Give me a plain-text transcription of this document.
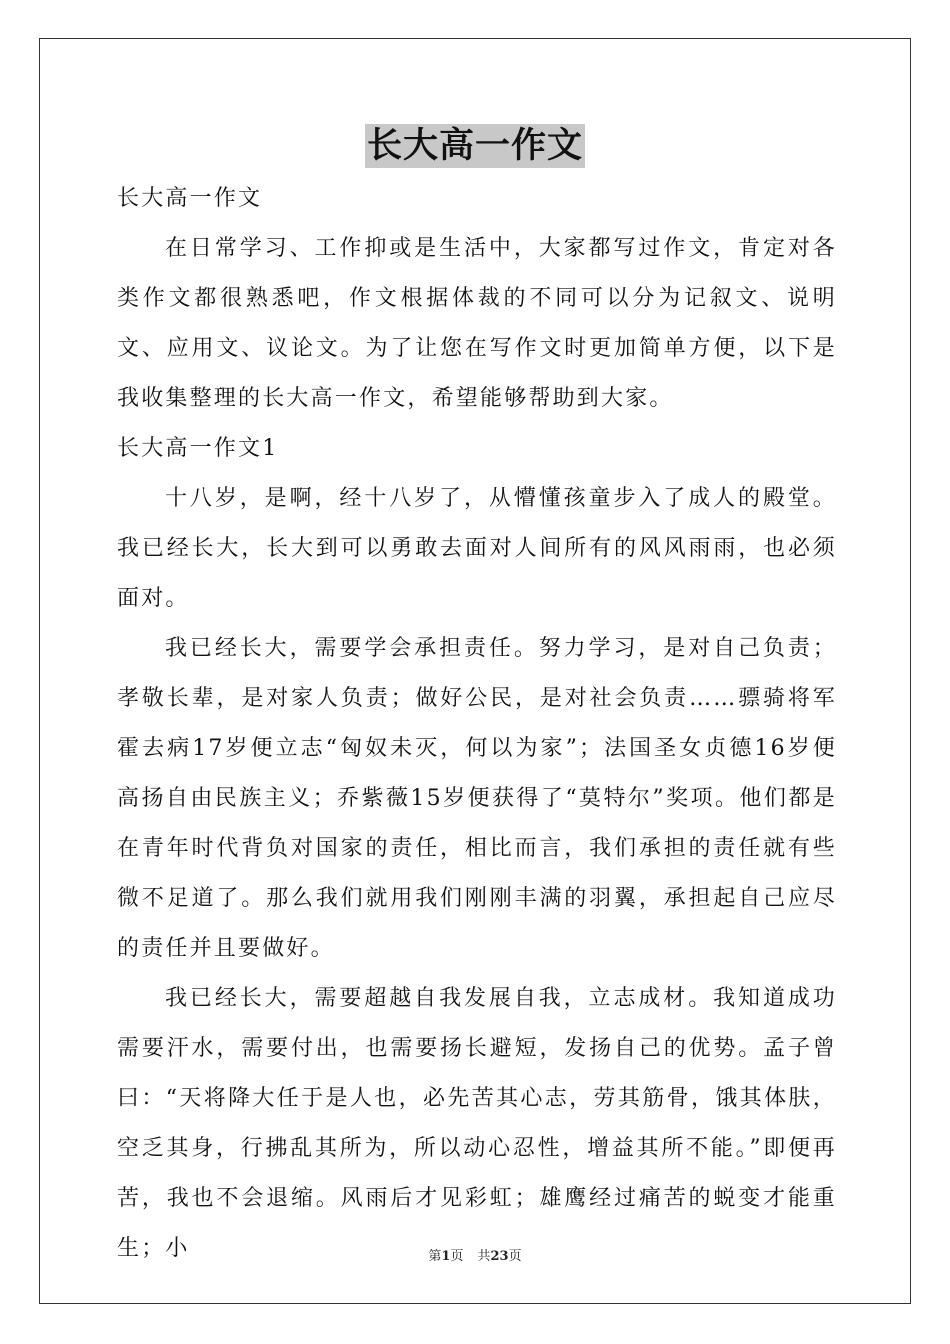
长大高一作文

长大高一作文

在日常学习、工作抑或是生活中，大家都写过作文，肯定对各类作文都很熟悉吧，作文根据体裁的不同可以分为记叙文、说明文、应用文、议论文。为了让您在写作文时更加简单方便，以下是我收集整理的长大高一作文，希望能够帮助到大家。

长大高一作文1

十八岁，是啊，经十八岁了，从懵懂孩童步入了成人的殿堂。我已经长大，长大到可以勇敢去面对人间所有的风风雨雨，也必须面对。

我已经长大，需要学会承担责任。努力学习，是对自己负责；孝敬长辈，是对家人负责；做好公民，是对社会负责……骠骑将军霍去病17岁便立志“匈奴未灭，何以为家”；法国圣女贞德16岁便高扬自由民族主义；乔紫薇15岁便获得了“莫特尔”奖项。他们都是在青年时代背负对国家的责任，相比而言，我们承担的责任就有些微不足道了。那么我们就用我们刚刚丰满的羽翼，承担起自己应尽的责任并且要做好。

我已经长大，需要超越自我发展自我，立志成材。我知道成功需要汗水，需要付出，也需要扬长避短，发扬自己的优势。孟子曾曰：“天将降大任于是人也，必先苦其心志，劳其筋骨，饿其体肤，空乏其身，行拂乱其所为，所以动心忍性，增益其所不能。”即便再苦，我也不会退缩。风雨后才见彩虹；雄鹰经过痛苦的蜕变才能重生；小	第1页 共23页
